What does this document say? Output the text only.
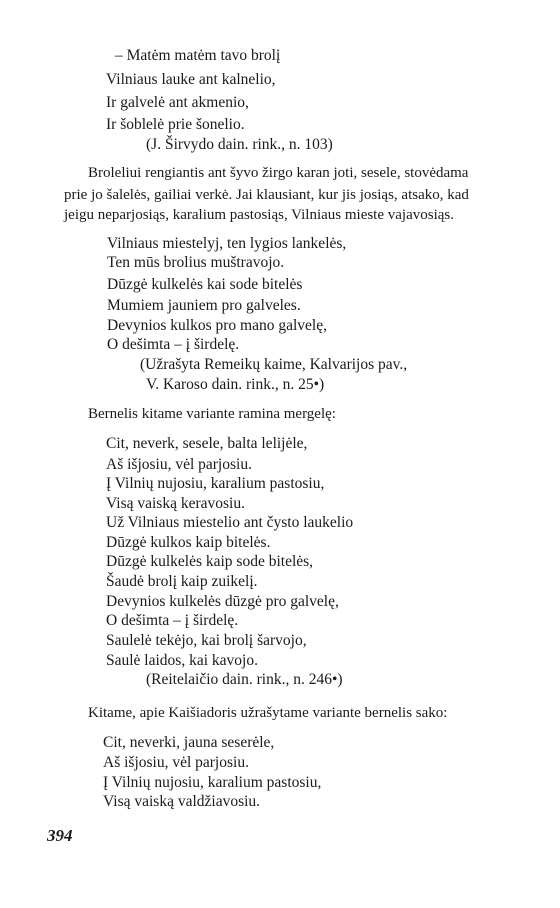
– Matėm matėm tavo brolį
Vilniaus lauke ant kalnelio,
Ir galvelė ant akmenio,
Ir šoblelė prie šonelio.
(J. Širvydo dain. rink., n. 103)
Broleliui rengiantis ant šyvo žirgo karan joti, sesele, stovėdama
prie jo šalelės, gailiai verkė. Jai klausiant, kur jis josiąs, atsako, kad
jeigu neparjosiąs, karalium pastosiąs, Vilniaus mieste vajavosiąs.
Vilniaus miestelyj, ten lygios lankelės,
Ten mūs brolius muštravojo.
Dūzgė kulkelės kai sode bitelės
Mumiem jauniem pro galveles.
Devynios kulkos pro mano galvelę,
O dešimta – į širdelę.
(Užrašyta Remeikų kaime, Kalvarijos pav.,
V. Karoso dain. rink., n. 25•)
Bernelis kitame variante ramina mergelę:
Cit, neverk, sesele, balta lelijėle,
Aš išjosiu, vėl parjosiu.
Į Vilnių nujosiu, karalium pastosiu,
Visą vaiską keravosiu.
Už Vilniaus miestelio ant čysto laukelio
Dūzgė kulkos kaip bitelės.
Dūzgė kulkelės kaip sode bitelės,
Šaudė brolį kaip zuikelį.
Devynios kulkelės dūzgė pro galvelę,
O dešimta – į širdelę.
Saulelė tekėjo, kai brolį šarvojo,
Saulė laidos, kai kavojo.
(Reitelaičio dain. rink., n. 246•)
Kitame, apie Kaišiadoris užrašytame variante bernelis sako:
Cit, neverki, jauna seserėle,
Aš išjosiu, vėl parjosiu.
Į Vilnių nujosiu, karalium pastosiu,
Visą vaiską valdžiavosiu.
394
